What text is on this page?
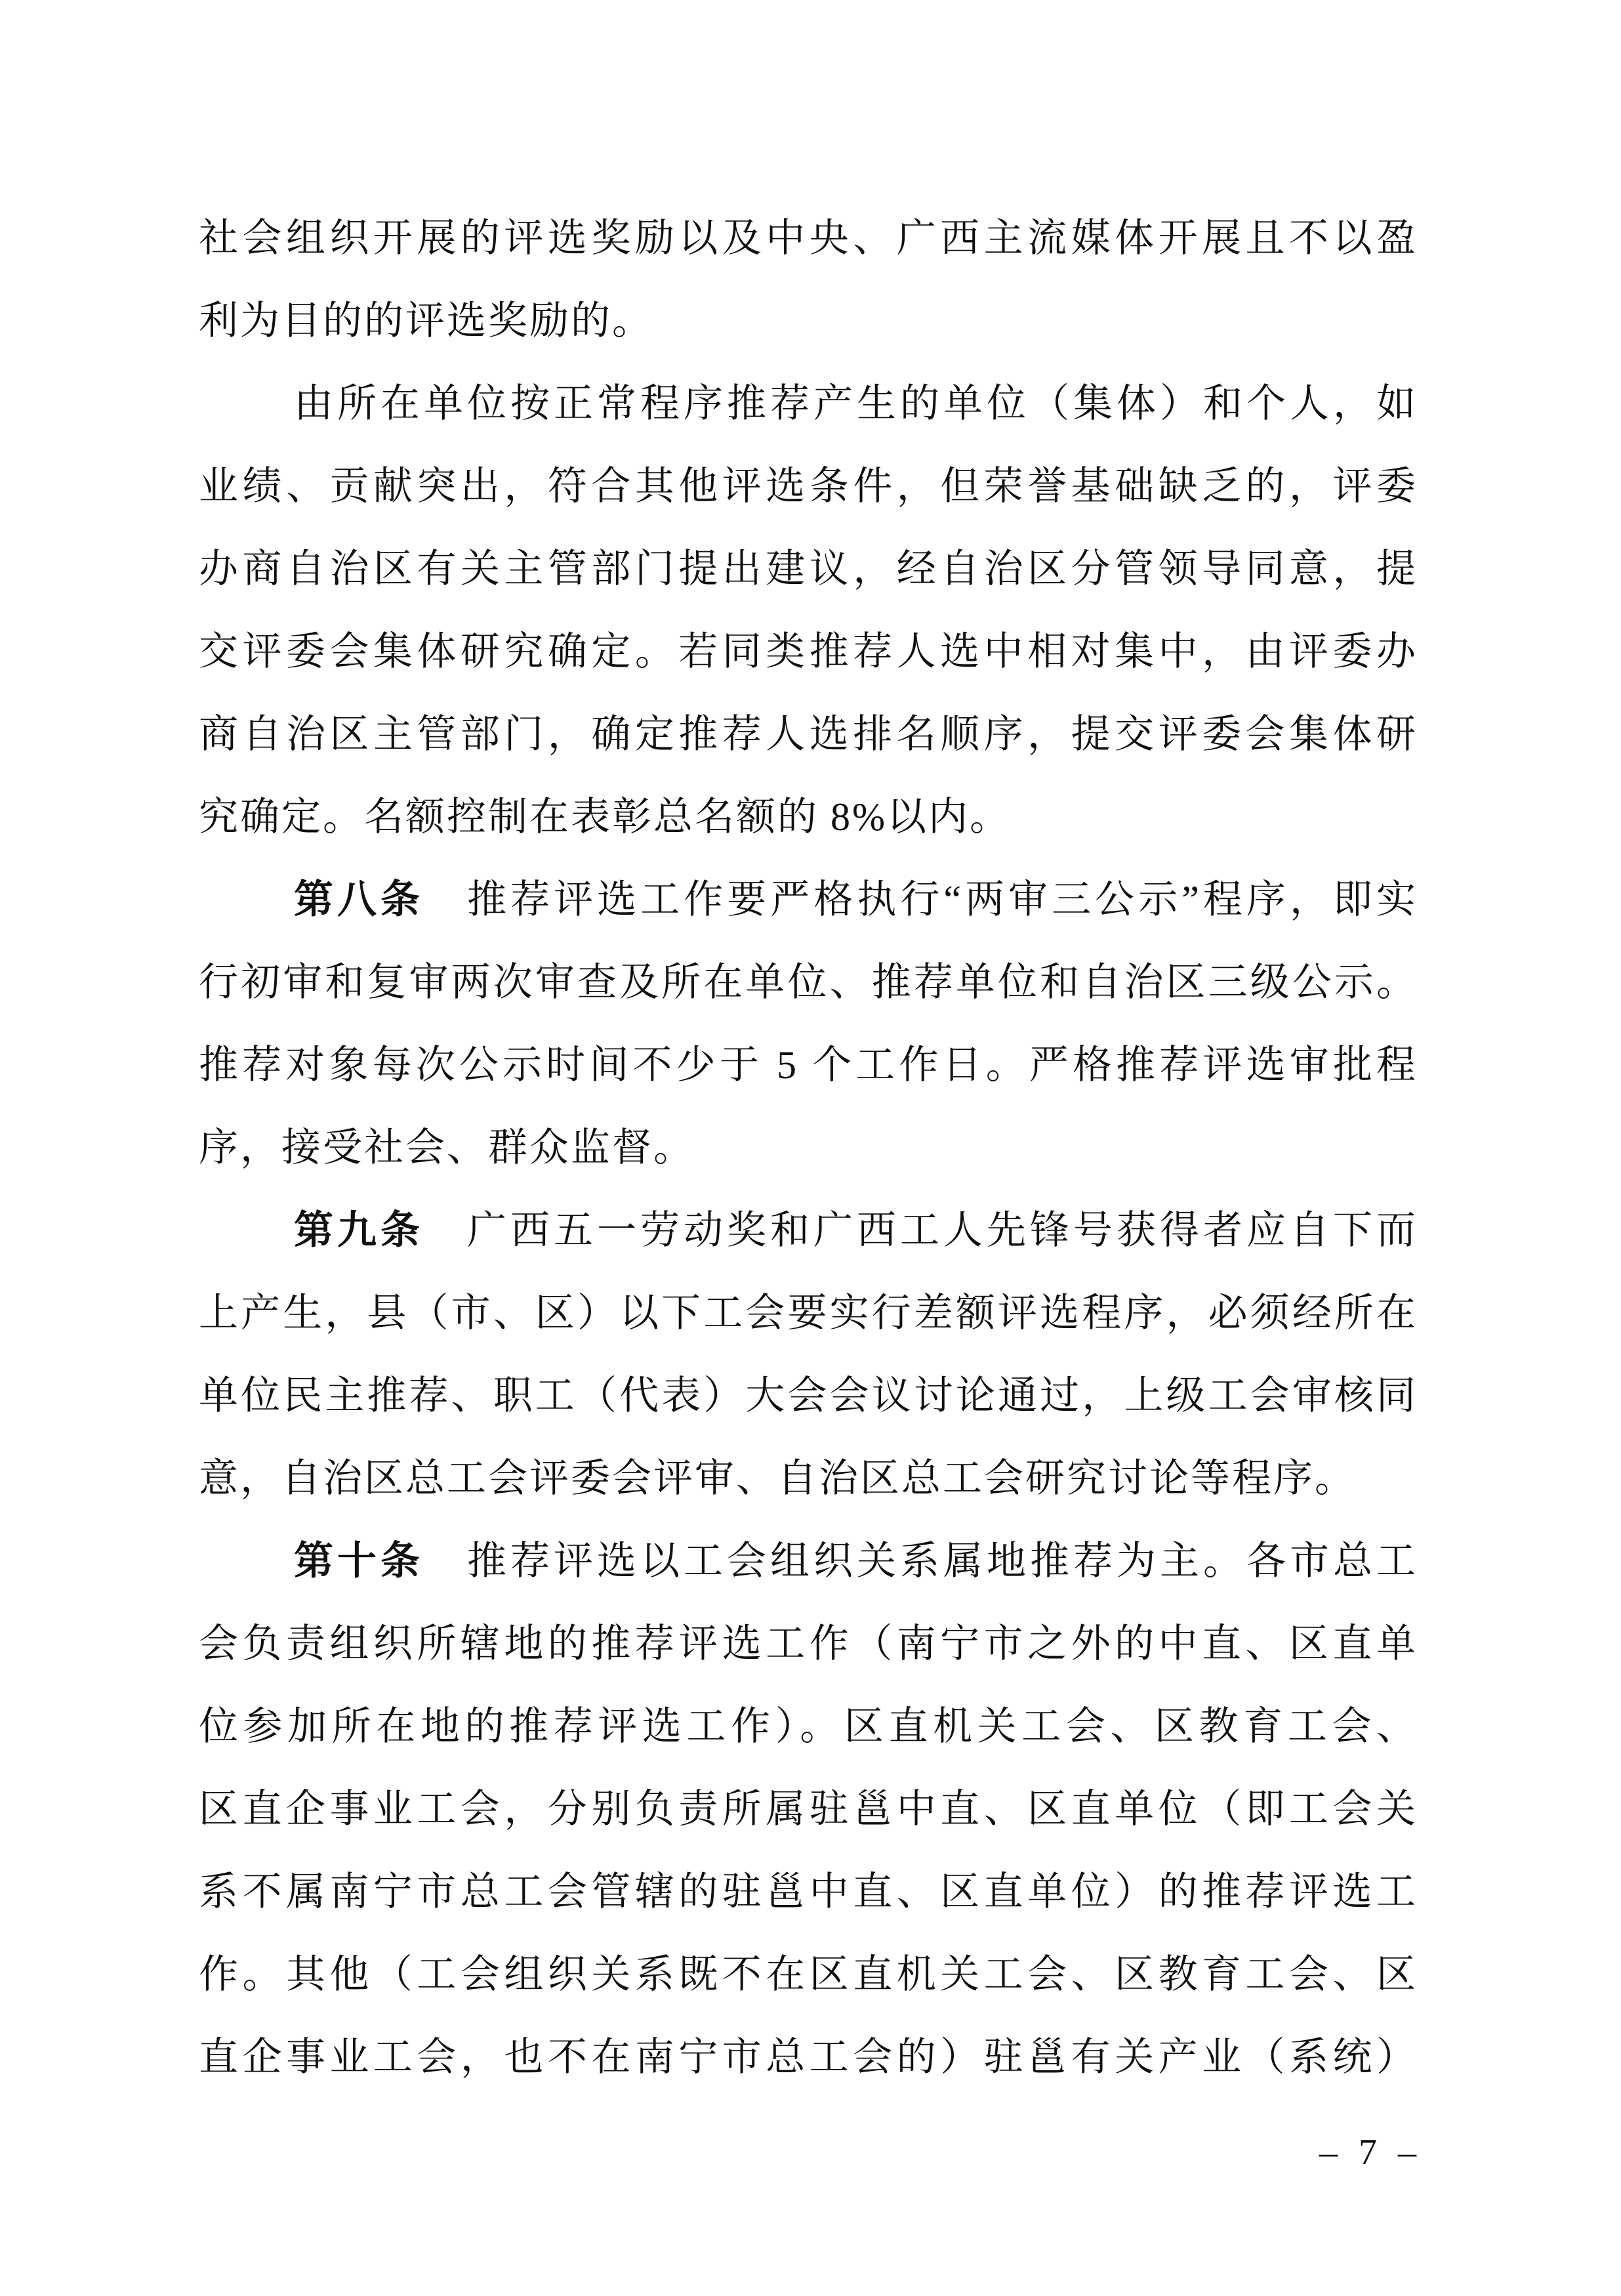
社会组织开展的评选奖励以及中央、广西主流媒体开展且不以盈
利为目的的评选奖励的。
由所在单位按正常程序推荐产生的单位（集体）和个人，如
业绩、贡献突出，符合其他评选条件，但荣誉基础缺乏的，评委
办商自治区有关主管部门提出建议，经自治区分管领导同意，提
交评委会集体研究确定。若同类推荐人选中相对集中，由评委办
商自治区主管部门，确定推荐人选排名顺序，提交评委会集体研
究确定。名额控制在表彰总名额的 8%以内。
第八条　推荐评选工作要严格执行“两审三公示”程序，即实
行初审和复审两次审查及所在单位、推荐单位和自治区三级公示。
推荐对象每次公示时间不少于 5 个工作日。严格推荐评选审批程
序，接受社会、群众监督。
第九条　广西五一劳动奖和广西工人先锋号获得者应自下而
上产生，县（市、区）以下工会要实行差额评选程序，必须经所在
单位民主推荐、职工（代表）大会会议讨论通过，上级工会审核同
意，自治区总工会评委会评审、自治区总工会研究讨论等程序。
第十条　推荐评选以工会组织关系属地推荐为主。各市总工
会负责组织所辖地的推荐评选工作（南宁市之外的中直、区直单
位参加所在地的推荐评选工作）。区直机关工会、区教育工会、
区直企事业工会，分别负责所属驻邕中直、区直单位（即工会关
系不属南宁市总工会管辖的驻邕中直、区直单位）的推荐评选工
作。其他（工会组织关系既不在区直机关工会、区教育工会、区
直企事业工会，也不在南宁市总工会的）驻邕有关产业（系统）
– 7 –
